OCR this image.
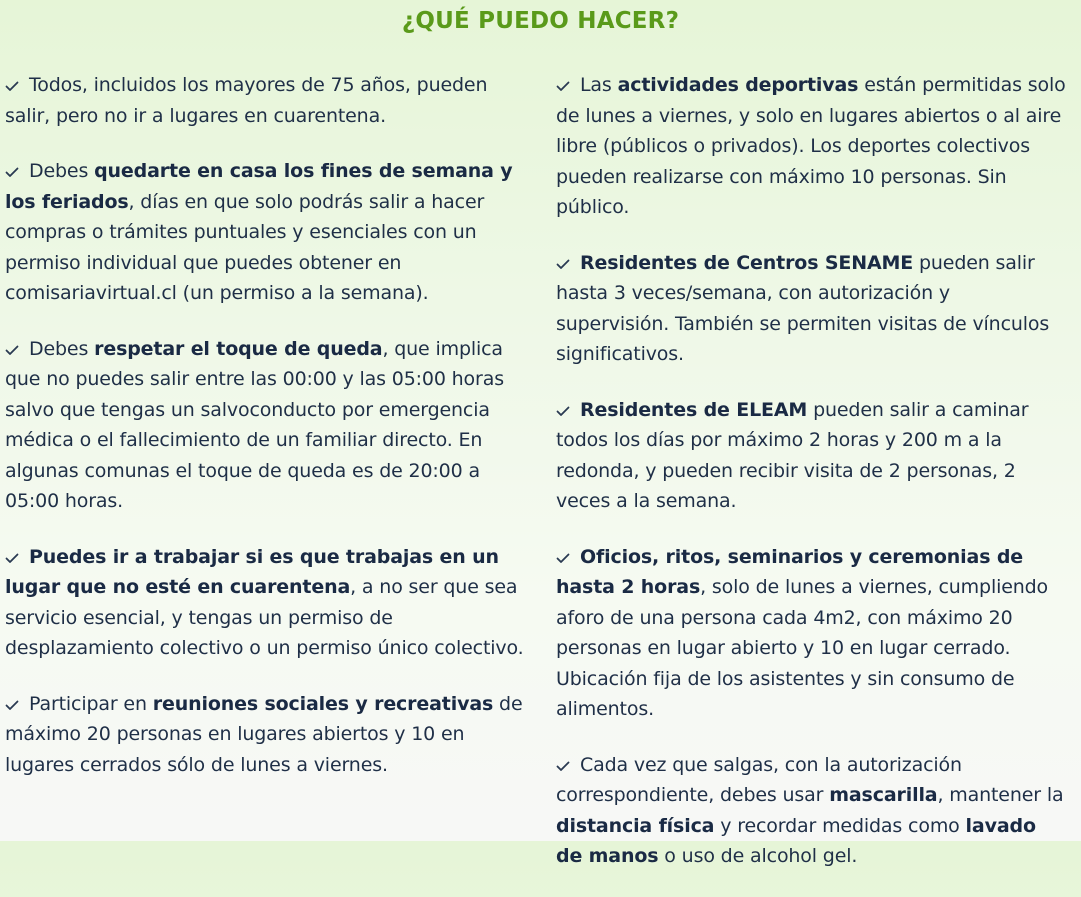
¿QUÉ PUEDO HACER?

Todos, incluidos los mayores de 75 años, pueden salir, pero no ir a lugares en cuarentena.

Debes quedarte en casa los fines de semana y los feriados, días en que solo podrás salir a hacer compras o trámites puntuales y esenciales con un permiso individual que puedes obtener en comisariavirtual.cl (un permiso a la semana).

Debes respetar el toque de queda, que implica que no puedes salir entre las 00:00 y las 05:00 horas salvo que tengas un salvoconducto por emergencia médica o el fallecimiento de un familiar directo. En algunas comunas el toque de queda es de 20:00 a 05:00 horas.

Puedes ir a trabajar si es que trabajas en un lugar que no esté en cuarentena, a no ser que sea servicio esencial, y tengas un permiso de desplazamiento colectivo o un permiso único colectivo.

Participar en reuniones sociales y recreativas de máximo 20 personas en lugares abiertos y 10 en lugares cerrados sólo de lunes a viernes.

Las actividades deportivas están permitidas solo de lunes a viernes, y solo en lugares abiertos o al aire libre (públicos o privados). Los deportes colectivos pueden realizarse con máximo 10 personas. Sin público.

Residentes de Centros SENAME pueden salir hasta 3 veces/semana, con autorización y supervisión. También se permiten visitas de vínculos significativos.

Residentes de ELEAM pueden salir a caminar todos los días por máximo 2 horas y 200 m a la redonda, y pueden recibir visita de 2 personas, 2 veces a la semana.

Oficios, ritos, seminarios y ceremonias de hasta 2 horas, solo de lunes a viernes, cumpliendo aforo de una persona cada 4m2, con máximo 20 personas en lugar abierto y 10 en lugar cerrado. Ubicación fija de los asistentes y sin consumo de alimentos.

Cada vez que salgas, con la autorización correspondiente, debes usar mascarilla, mantener la distancia física y recordar medidas como lavado de manos o uso de alcohol gel.
